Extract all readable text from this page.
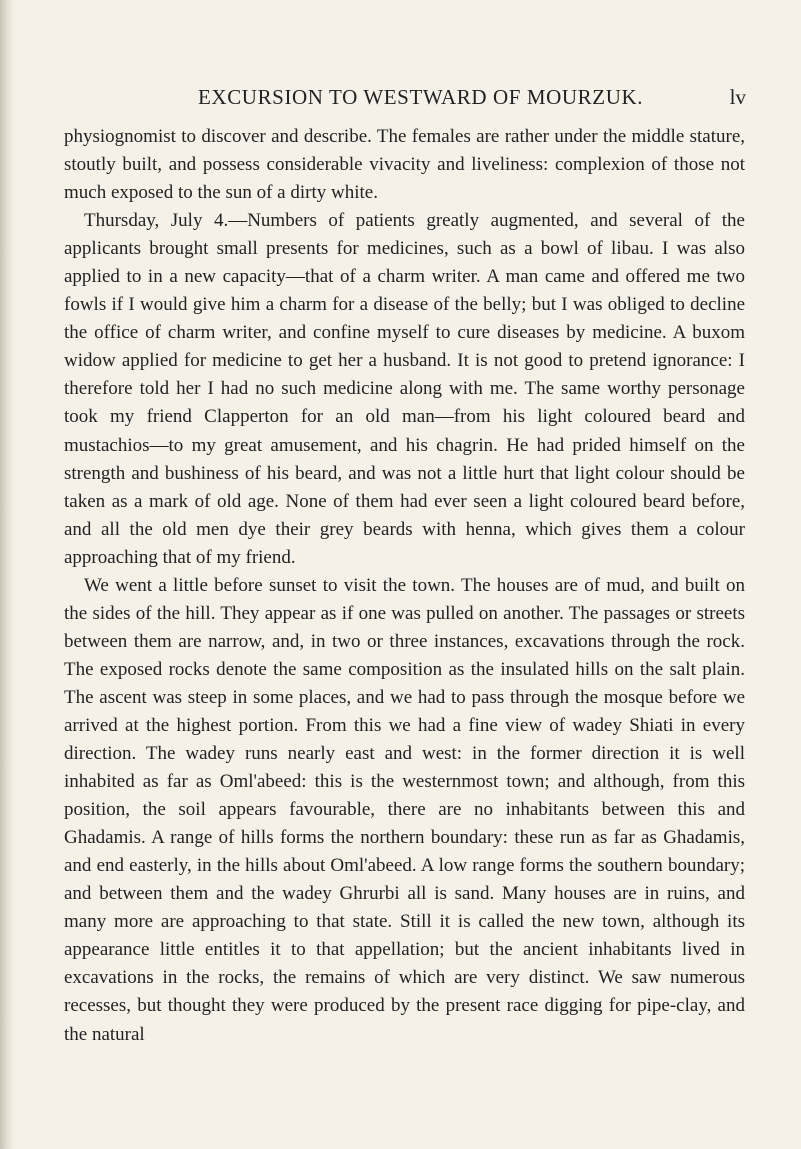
EXCURSION TO WESTWARD OF MOURZUK.	lv

physiognomist to discover and describe. The females are rather under the middle stature, stoutly built, and possess considerable vivacity and liveliness: complexion of those not much exposed to the sun of a dirty white.

Thursday, July 4.—Numbers of patients greatly augmented, and several of the applicants brought small presents for medicines, such as a bowl of libau. I was also applied to in a new capacity—that of a charm writer. A man came and offered me two fowls if I would give him a charm for a disease of the belly; but I was obliged to decline the office of charm writer, and confine myself to cure diseases by medicine. A buxom widow applied for medicine to get her a husband. It is not good to pretend ignorance: I therefore told her I had no such medicine along with me. The same worthy personage took my friend Clapperton for an old man—from his light coloured beard and mustachios—to my great amusement, and his chagrin. He had prided himself on the strength and bushiness of his beard, and was not a little hurt that light colour should be taken as a mark of old age. None of them had ever seen a light coloured beard before, and all the old men dye their grey beards with henna, which gives them a colour approaching that of my friend.

We went a little before sunset to visit the town. The houses are of mud, and built on the sides of the hill. They appear as if one was pulled on another. The passages or streets between them are narrow, and, in two or three instances, excavations through the rock. The exposed rocks denote the same composition as the insulated hills on the salt plain. The ascent was steep in some places, and we had to pass through the mosque before we arrived at the highest portion. From this we had a fine view of wadey Shiati in every direction. The wadey runs nearly east and west: in the former direction it is well inhabited as far as Oml'abeed: this is the westernmost town; and although, from this position, the soil appears favourable, there are no inhabitants between this and Ghadamis. A range of hills forms the northern boundary: these run as far as Ghadamis, and end easterly, in the hills about Oml'abeed. A low range forms the southern boundary; and between them and the wadey Ghrurbi all is sand. Many houses are in ruins, and many more are approaching to that state. Still it is called the new town, although its appearance little entitles it to that appellation; but the ancient inhabitants lived in excavations in the rocks, the remains of which are very distinct. We saw numerous recesses, but thought they were produced by the present race digging for pipe-clay, and the natural
